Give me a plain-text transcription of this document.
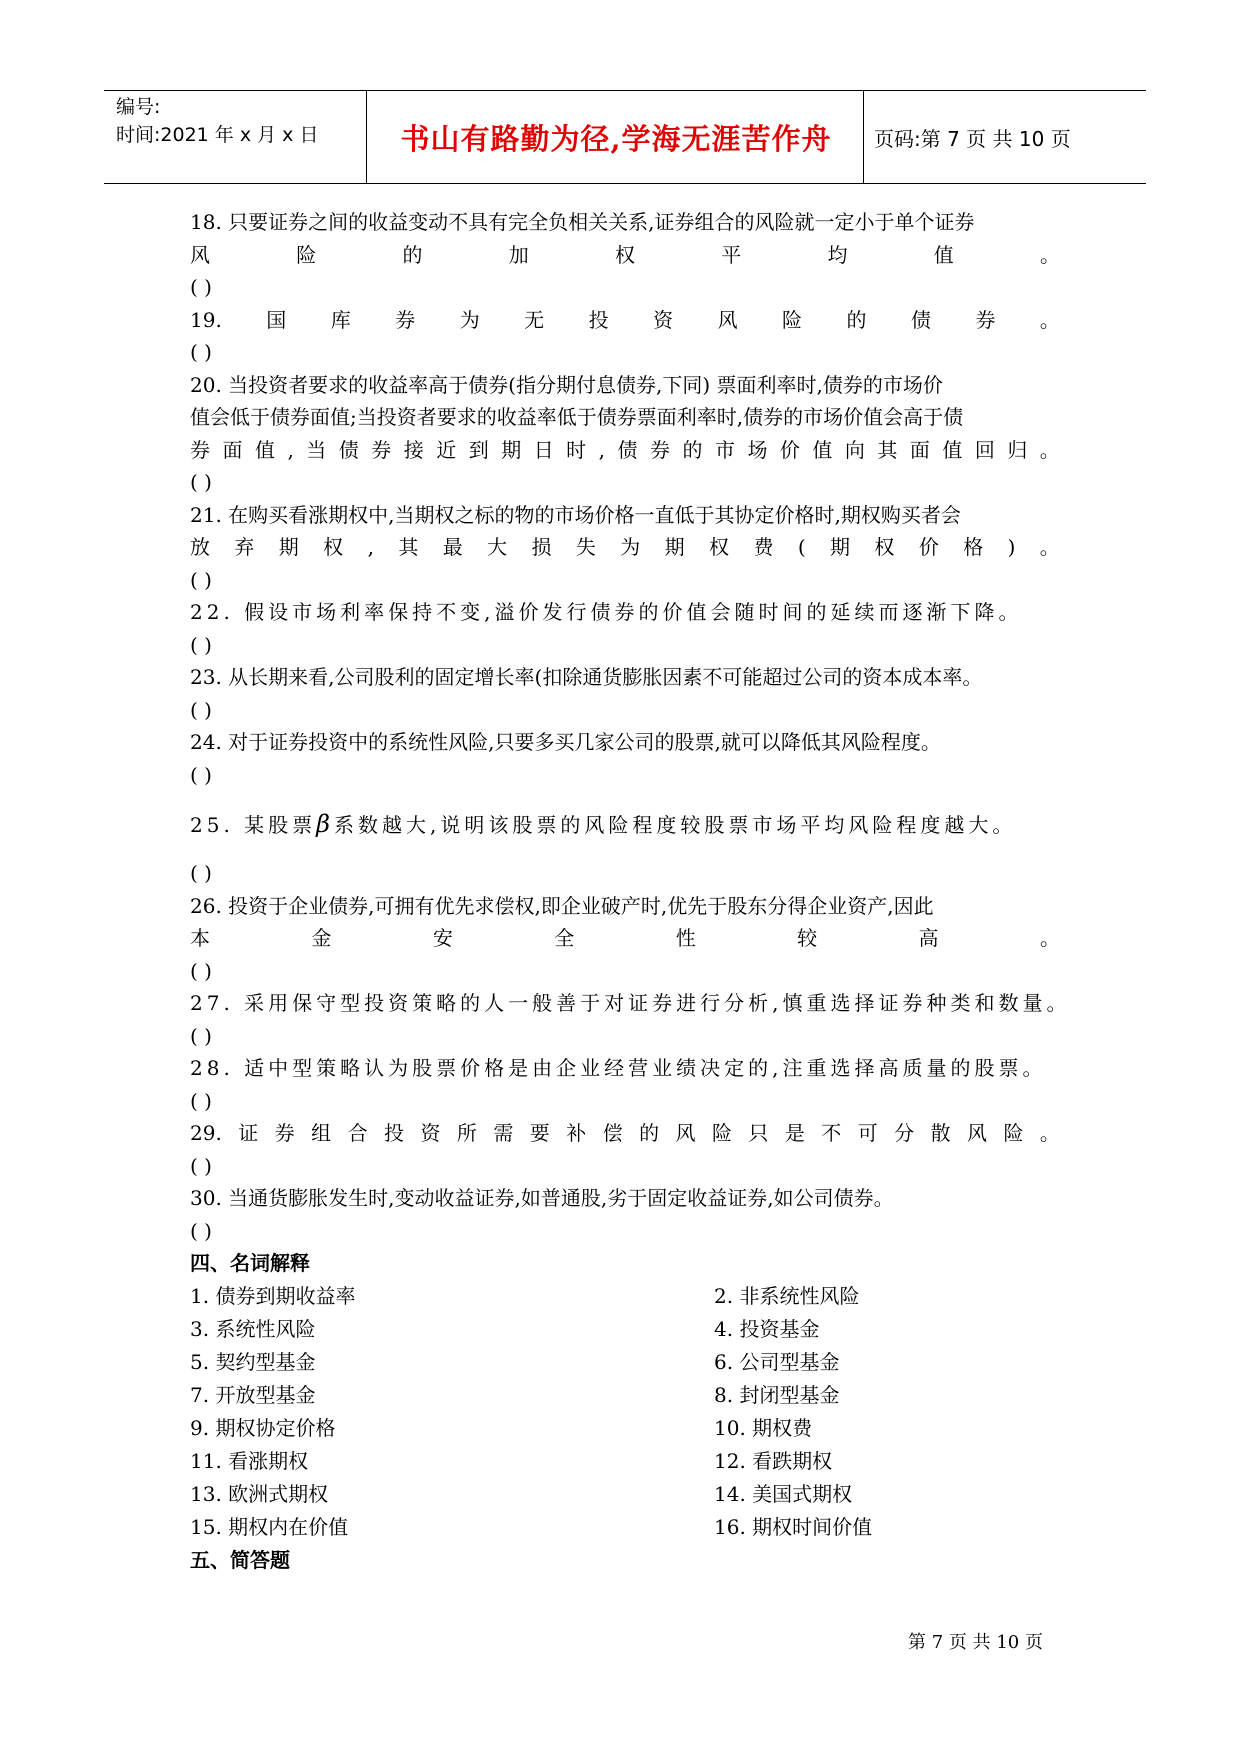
编号:
时间:2021 年 x 月 x 日	书山有路勤为径,学海无涯苦作舟	页码:第 7 页 共 10 页
18. 只要证券之间的收益变动不具有完全负相关关系,证券组合的风险就一定小于单个证券
风	险	的	加	权	平	均	值	。
( )
19. 国 库 券 为 无 投 资 风 险 的 债 券 。
( )
20. 当投资者要求的收益率高于债券(指分期付息债券,下同) 票面利率时,债券的市场价
值会低于债券面值;当投资者要求的收益率低于债券票面利率时,债券的市场价值会高于债
券 面 值 , 当 债 券 接 近 到 期 日 时 , 债 券 的 市 场 价 值 向 其 面 值 回 归 。
( )
21. 在购买看涨期权中,当期权之标的物的市场价格一直低于其协定价格时,期权购买者会
放 弃 期 权 , 其 最 大 损 失 为 期 权 费 ( 期 权 价 格 ) 。
( )
22. 假设市场利率保持不变,溢价发行债券的价值会随时间的延续而逐渐下降。
( )
23. 从长期来看,公司股利的固定增长率(扣除通货膨胀因素不可能超过公司的资本成本率。
( )
24. 对于证券投资中的系统性风险,只要多买几家公司的股票,就可以降低其风险程度。
( )
25. 某股票β系数越大,说明该股票的风险程度较股票市场平均风险程度越大。
( )
26. 投资于企业债券,可拥有优先求偿权,即企业破产时,优先于股东分得企业资产,因此
本	金	安	全	性	较	高	。
( )
27. 采用保守型投资策略的人一般善于对证券进行分析,慎重选择证券种类和数量。
( )
28. 适中型策略认为股票价格是由企业经营业绩决定的,注重选择高质量的股票。
( )
29. 证 券 组 合 投 资 所 需 要 补 偿 的 风 险 只 是 不 可 分 散 风 险 。
( )
30. 当通货膨胀发生时,变动收益证券,如普通股,劣于固定收益证券,如公司债券。
( )
四、名词解释
1. 债券到期收益率	2. 非系统性风险
3. 系统性风险	4. 投资基金
5. 契约型基金	6. 公司型基金
7. 开放型基金	8. 封闭型基金
9. 期权协定价格	10. 期权费
11. 看涨期权	12. 看跌期权
13. 欧洲式期权	14. 美国式期权
15. 期权内在价值	16. 期权时间价值
五、简答题
第 7 页 共 10 页
